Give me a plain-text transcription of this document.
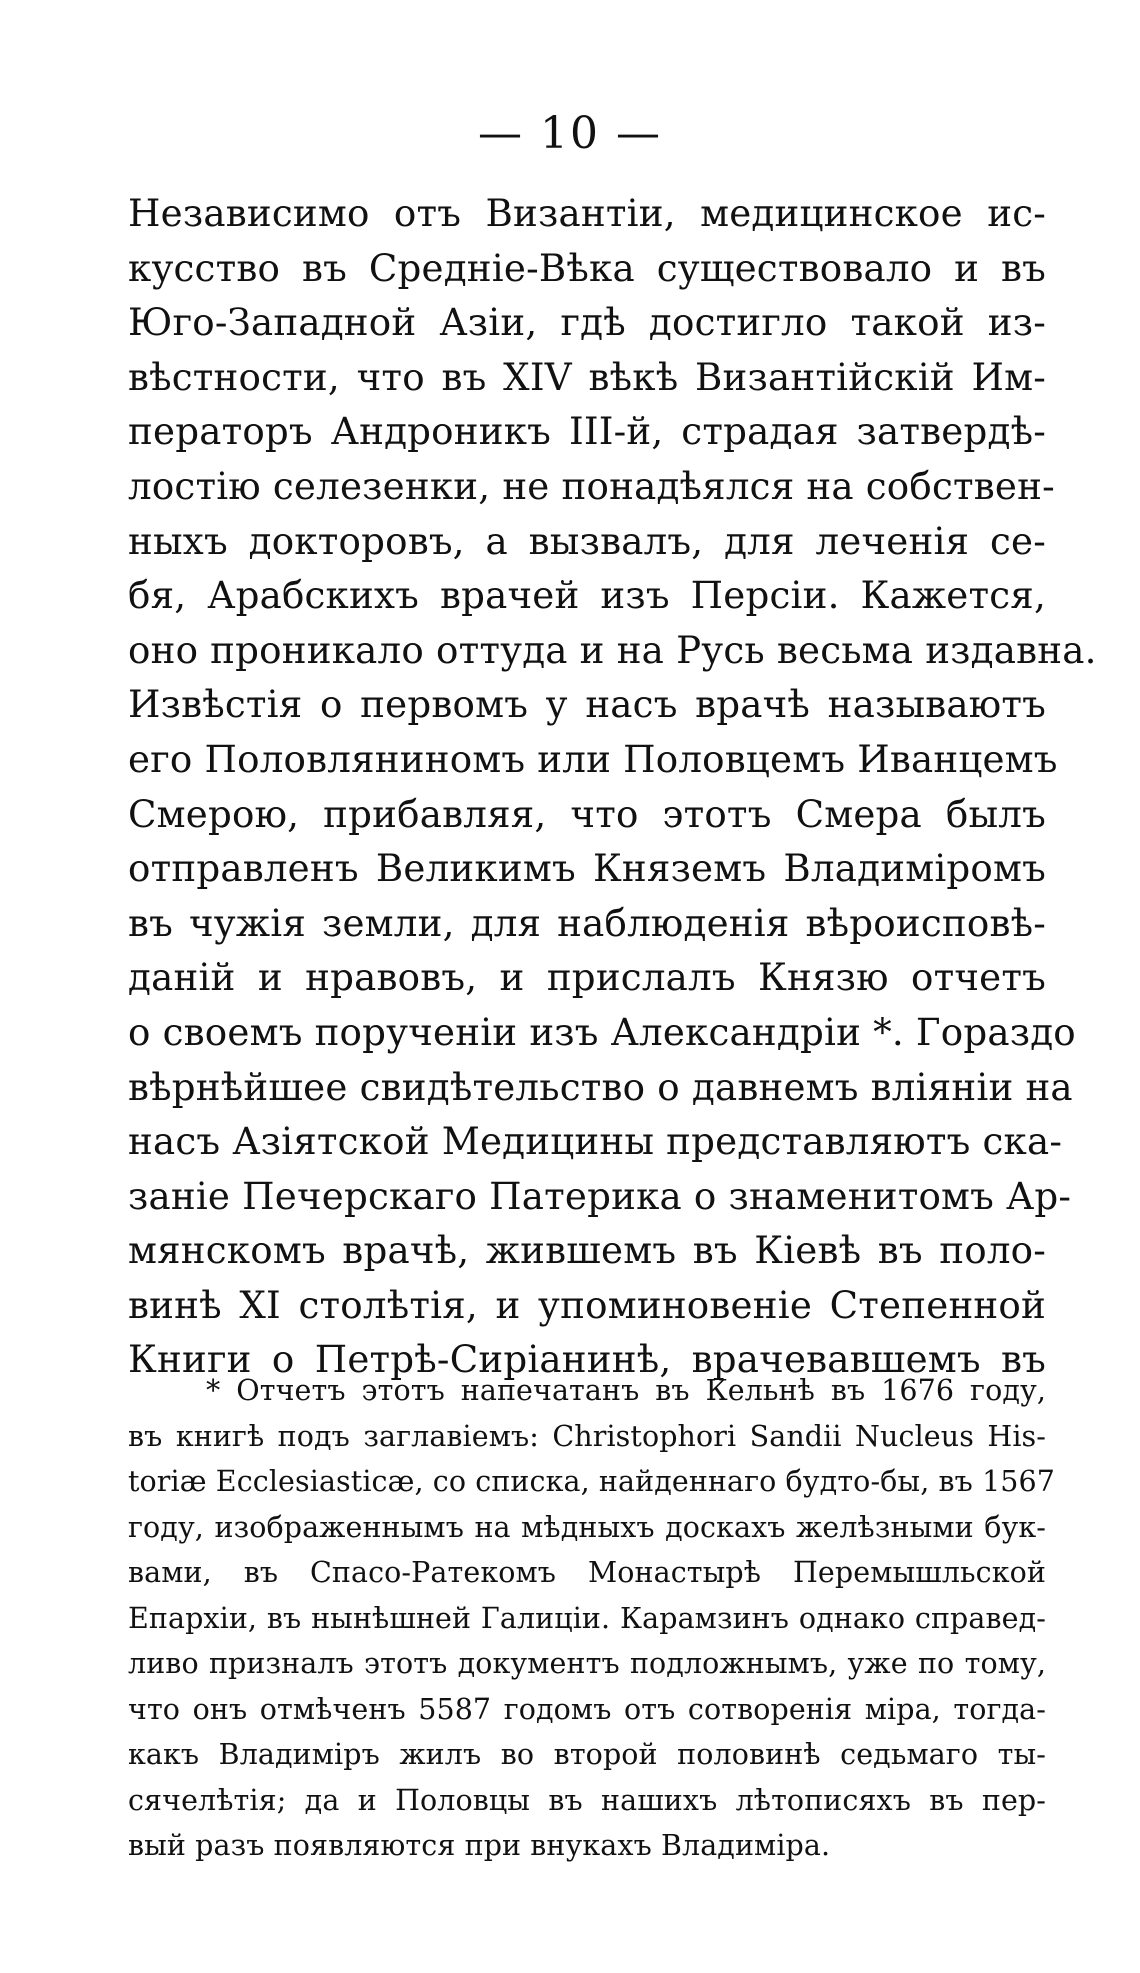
— 10 —
Независимо отъ Византіи, медицинское ис-
кусство въ Средніе-Вѣка существовало и въ
Юго-Западной Азіи, гдѣ достигло такой из-
вѣстности, что въ XIV вѣкѣ Византійскій Им-
ператоръ Андроникъ III-й, страдая затвердѣ-
лостію селезенки, не понадѣялся на собствен-
ныхъ докторовъ, а вызвалъ, для леченія се-
бя, Арабскихъ врачей изъ Персіи. Кажется,
оно проникало оттуда и на Русь весьма издавна.
Извѣстія о первомъ у насъ врачѣ называютъ
его Половляниномъ или Половцемъ Иванцемъ
Смерою, прибавляя, что этотъ Смера былъ
отправленъ Великимъ Княземъ Владиміромъ
въ чужія земли, для наблюденія вѣроисповѣ-
даній и нравовъ, и прислалъ Князю отчетъ
о своемъ порученіи изъ Александріи *. Гораздо
вѣрнѣйшее свидѣтельство о давнемъ вліяніи на
насъ Азіятской Медицины представляютъ ска-
заніе Печерскаго Патерика о знаменитомъ Ар-
мянскомъ врачѣ, жившемъ въ Кіевѣ въ поло-
винѣ XI столѣтія, и упоминовеніе Степенной
Книги о Петрѣ-Сиріанинѣ, врачевавшемъ въ
* Отчетъ этотъ напечатанъ въ Кельнѣ въ 1676 году,
въ книгѣ подъ заглавіемъ: Christophori Sandii Nucleus His-
toriæ Ecclesiasticæ, со списка, найденнаго будто-бы, въ 1567
году, изображеннымъ на мѣдныхъ доскахъ желѣзными бук-
вами, въ Спасо-Ратекомъ Монастырѣ Перемышльской
Епархіи, въ нынѣшней Галиціи. Карамзинъ однако справед-
ливо призналъ этотъ документъ подложнымъ, уже по тому,
что онъ отмѣченъ 5587 годомъ отъ сотворенія міра, тогда-
какъ Владиміръ жилъ во второй половинѣ седьмаго ты-
сячелѣтія; да и Половцы въ нашихъ лѣтописяхъ въ пер-
вый разъ появляются при внукахъ Владиміра.
